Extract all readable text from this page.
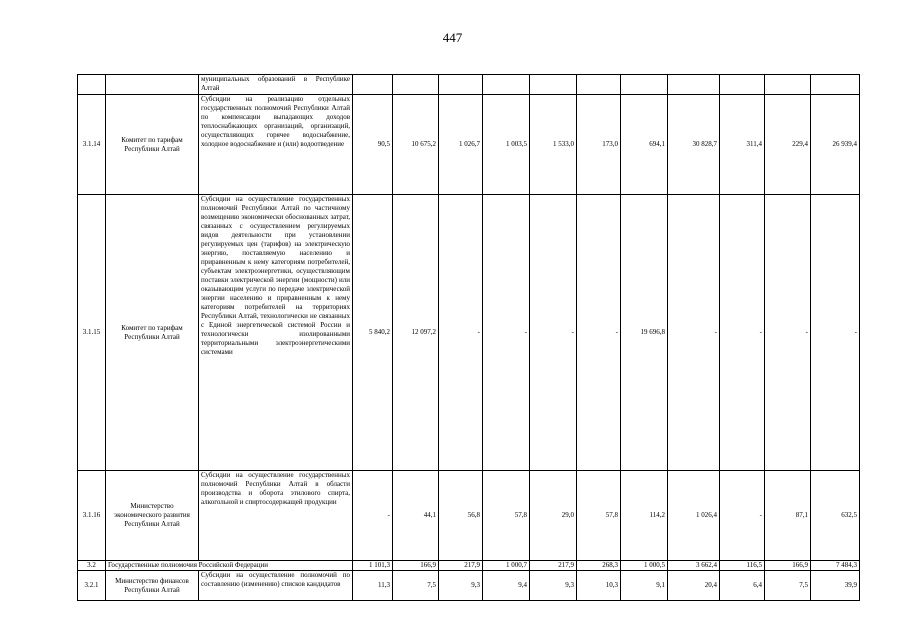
447
		муниципальных образований в Республике Алтай											
3.1.14	Комитет по тарифам Республики Алтай	Субсидии на реализацию отдельных государственных полномочий Республики Алтай по компенсации выпадающих доходов теплоснабжающих организаций, организаций, осуществляющих горячее водоснабжение, холодное водоснабжение и (или) водоотведение	90,5	10 675,2	1 026,7	1 003,5	1 533,0	173,0	694,1	30 828,7	311,4	229,4	26 939,4
3.1.15	Комитет по тарифам Республики Алтай	Субсидии на осуществление государственных полномочий Республики Алтай по частичному возмещению экономически обоснованных затрат, связанных с осуществлением регулируемых видов деятельности при установлении регулируемых цен (тарифов) на электрическую энергию, поставляемую населению и приравненным к нему категориям потребителей, субъектам электроэнергетики, осуществляющим поставки электрической энергии (мощности) или оказывающим услуги по передаче электрической энергии населению и приравненным к нему категориям потребителей на территориях Республики Алтай, технологически не связанных с Единой энергетической системой России и технологически изолированными территориальными электроэнергетическими системами	5 840,2	12 097,2	-	-	-	-	19 696,8	-	-	-	-
3.1.16	Министерство экономического развития Республики Алтай	Субсидии на осуществление государственных полномочий Республики Алтай в области производства и оборота этилового спирта, алкогольной и спиртосодержащей продукции	-	44,1	56,8	57,8	29,0	57,8	114,2	1 026,4	-	87,1	632,5
3.2	Государственные полномочия Российской Федерации		1 101,3	166,9	217,9	1 000,7	217,9	268,3	1 000,5	3 662,4	116,5	166,9	7 484,3
3.2.1	Министерство финансов Республики Алтай	Субсидии на осуществление полномочий по составлению (изменению) списков кандидатов	11,3	7,5	9,3	9,4	9,3	10,3	9,1	20,4	6,4	7,5	39,9
